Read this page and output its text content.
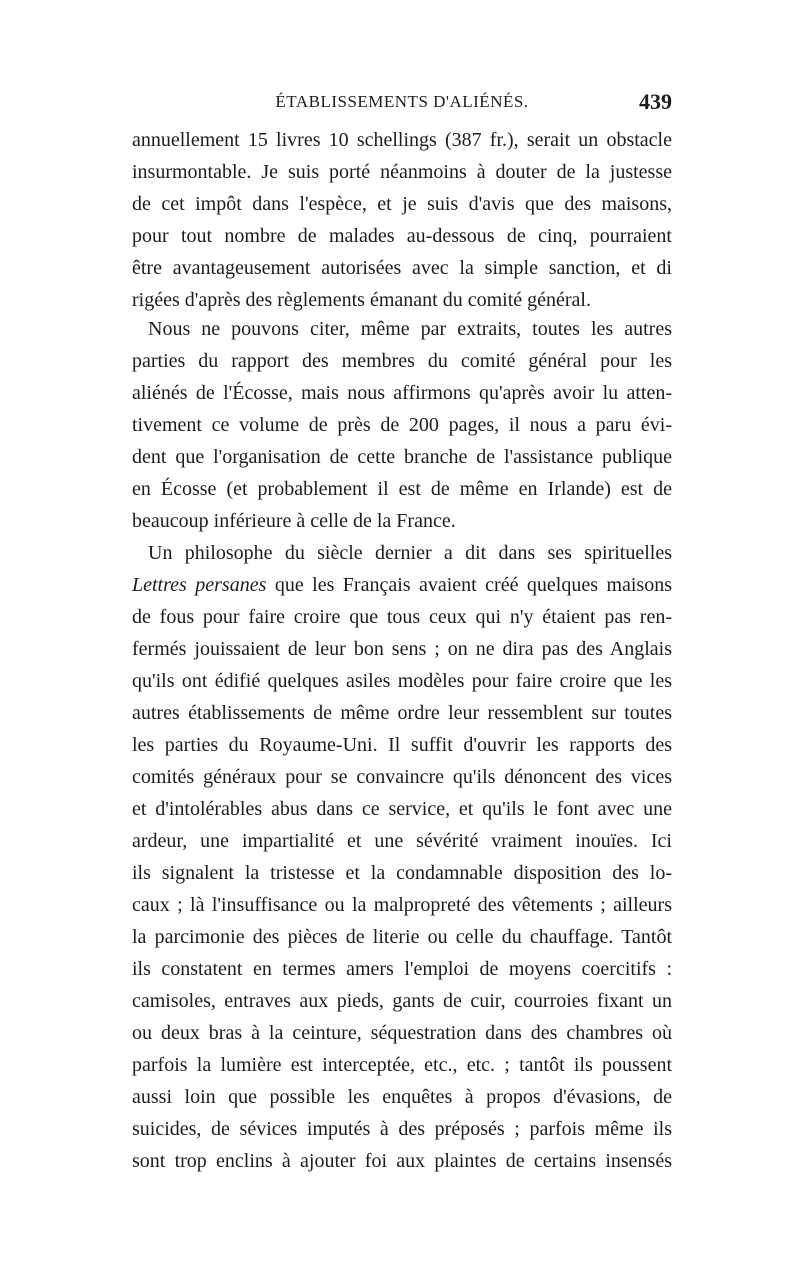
ÉTABLISSEMENTS D'ALIÉNÉS.	439
annuellement 15 livres 10 schellings (387 fr.), serait un obstacle
insurmontable. Je suis porté néanmoins à douter de la justesse
de cet impôt dans l'espèce, et je suis d'avis que des maisons,
pour tout nombre de malades au-dessous de cinq, pourraient
être avantageusement autorisées avec la simple sanction, et di
rigées d'après des règlements émanant du comité général.
Nous ne pouvons citer, même par extraits, toutes les autres
parties du rapport des membres du comité général pour les
aliénés de l'Écosse, mais nous affirmons qu'après avoir lu atten-
tivement ce volume de près de 200 pages, il nous a paru évi-
dent que l'organisation de cette branche de l'assistance publique
en Écosse (et probablement il est de même en Irlande) est de
beaucoup inférieure à celle de la France.
Un philosophe du siècle dernier a dit dans ses spirituelles
Lettres persanes que les Français avaient créé quelques maisons
de fous pour faire croire que tous ceux qui n'y étaient pas ren-
fermés jouissaient de leur bon sens ; on ne dira pas des Anglais
qu'ils ont édifié quelques asiles modèles pour faire croire que les
autres établissements de même ordre leur ressemblent sur toutes
les parties du Royaume-Uni. Il suffit d'ouvrir les rapports des
comités généraux pour se convaincre qu'ils dénoncent des vices
et d'intolérables abus dans ce service, et qu'ils le font avec une
ardeur, une impartialité et une sévérité vraiment inouïes. Ici
ils signalent la tristesse et la condamnable disposition des lo-
caux ; là l'insuffisance ou la malpropreté des vêtements ; ailleurs
la parcimonie des pièces de literie ou celle du chauffage. Tantôt
ils constatent en termes amers l'emploi de moyens coercitifs :
camisoles, entraves aux pieds, gants de cuir, courroies fixant un
ou deux bras à la ceinture, séquestration dans des chambres où
parfois la lumière est interceptée, etc., etc. ; tantôt ils poussent
aussi loin que possible les enquêtes à propos d'évasions, de
suicides, de sévices imputés à des préposés ; parfois même ils
sont trop enclins à ajouter foi aux plaintes de certains insensés
